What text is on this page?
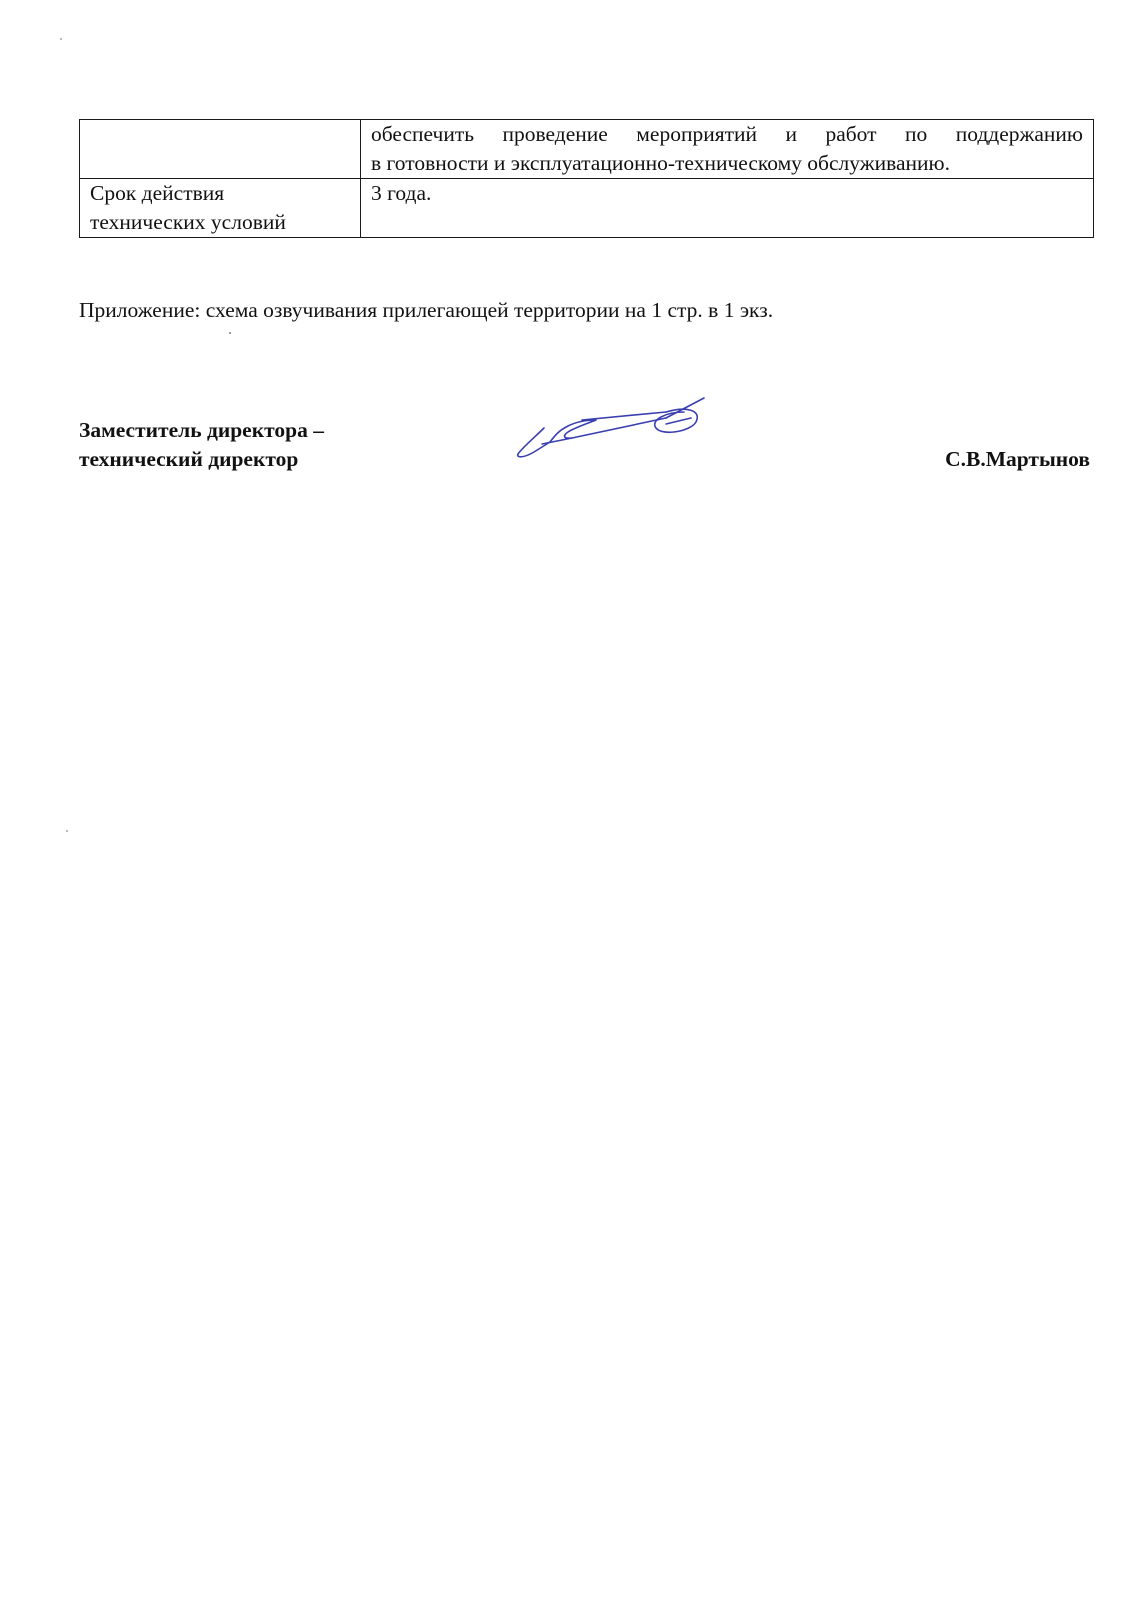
	обеспечить проведение мероприятий и работ по поддержанию
в готовности и эксплуатационно-техническому обслуживанию.

Срок действия
технических условий	3 года.
Приложение: схема озвучивания прилегающей территории на 1 стр. в 1 экз.
Заместитель директора –
технический директор	С.В.Мартынов
